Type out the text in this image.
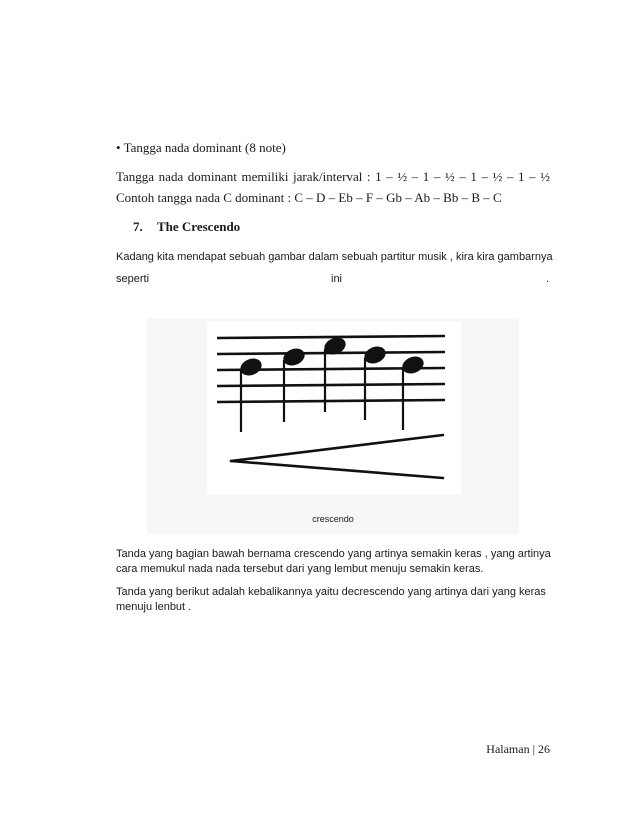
• Tangga nada dominant (8 note)
Tangga nada dominant memiliki jarak/interval : 1 – ½ – 1 – ½ – 1 – ½ – 1 – ½
Contoh tangga nada C dominant : C – D – Eb – F – Gb – Ab – Bb – B – C
7. The Crescendo
Kadang kita mendapat sebuah gambar dalam sebuah partitur musik , kira kira gambarnya
seperti	ini	.
crescendo
Tanda yang bagian bawah bernama crescendo yang artinya semakin keras , yang artinya cara memukul nada nada tersebut dari yang lembut menuju semakin keras.
Tanda yang berikut adalah kebalikannya yaitu decrescendo yang artinya dari yang keras menuju lenbut .
Halaman | 26
